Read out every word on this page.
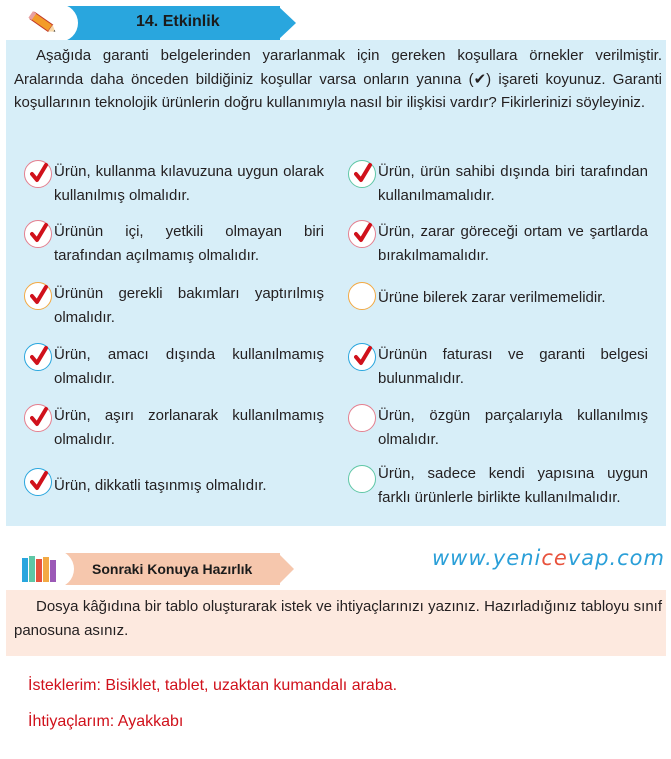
14. Etkinlik

Aşağıda garanti belgelerinden yararlanmak için gereken koşullara örnekler verilmiştir. Aralarında daha önceden bildiğiniz koşullar varsa onların yanına (✔) işareti koyunuz. Garanti koşullarının teknolojik ürünlerin doğru kullanımıyla nasıl bir ilişkisi vardır? Fikirlerinizi söyleyiniz.

Ürün, kullanma kılavuzuna uygun olarak kullanılmış olmalıdır.
Ürünün içi, yetkili olmayan biri tarafından açılmamış olmalıdır.
Ürünün gerekli bakımları yaptırılmış olmalıdır.
Ürün, amacı dışında kullanılmamış olmalıdır.
Ürün, aşırı zorlanarak kullanılmamış olmalıdır.
Ürün, dikkatli taşınmış olmalıdır.
Ürün, ürün sahibi dışında biri tarafından kullanılmamalıdır.
Ürün, zarar göreceği ortam ve şartlarda bırakılmamalıdır.
Ürüne bilerek zarar verilmemelidir.
Ürünün faturası ve garanti belgesi bulunmalıdır.
Ürün, özgün parçalarıyla kullanılmış olmalıdır.
Ürün, sadece kendi yapısına uygun farklı ürünlerle birlikte kullanılmalıdır.
Sonraki Konuya Hazırlık	www.yenicevap.com

Dosya kâğıdına bir tablo oluşturarak istek ve ihtiyaçlarınızı yazınız. Hazırladığınız tabloyu sınıf panosuna asınız.

İsteklerim: Bisiklet, tablet, uzaktan kumandalı araba.
İhtiyaçlarım: Ayakkabı
